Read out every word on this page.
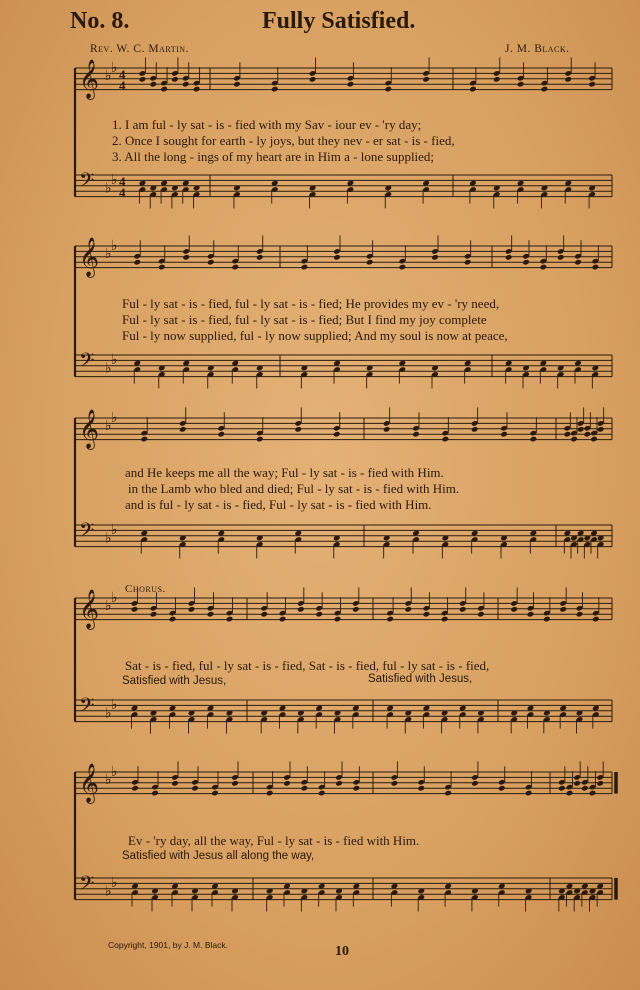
No. 8.	Fully Satisfied.
Rev. W. C. Martin.	J. M. Black.
𝄞 ♭
♭ 4
4
𝄢 ♭
♭ 4
4
𝄞 ♭
♭
𝄢 ♭
♭
𝄞 ♭
♭
𝄢 ♭
♭
𝄞 ♭
♭
𝄢 ♭
♭
𝄞 ♭
♭
𝄢 ♭
♭
1. I am ful - ly sat - is - fied with my Sav - iour ev - 'ry day;
2. Once I sought for earth - ly joys, but they nev - er sat - is - fied,
3. All the long - ings of my heart are in Him a - lone supplied;
Ful - ly sat - is - fied, ful - ly sat - is - fied; He provides my ev - 'ry need,
Ful - ly sat - is - fied, ful - ly sat - is - fied; But I find my joy complete
Ful - ly now supplied, ful - ly now supplied; And my soul is now at peace,
and He keeps me all the way; Ful - ly sat - is - fied with Him.
in the Lamb who bled and died; Ful - ly sat - is - fied with Him.
and is ful - ly sat - is - fied, Ful - ly sat - is - fied with Him.
Chorus.
Sat - is - fied, ful - ly sat - is - fied, Sat - is - fied, ful - ly sat - is - fied,
Satisfied with Jesus,	Satisfied with Jesus,
Ev - 'ry day, all the way, Ful - ly sat - is - fied with Him.
Satisfied with Jesus all along the way,
Copyright, 1901, by J. M. Black.	10
